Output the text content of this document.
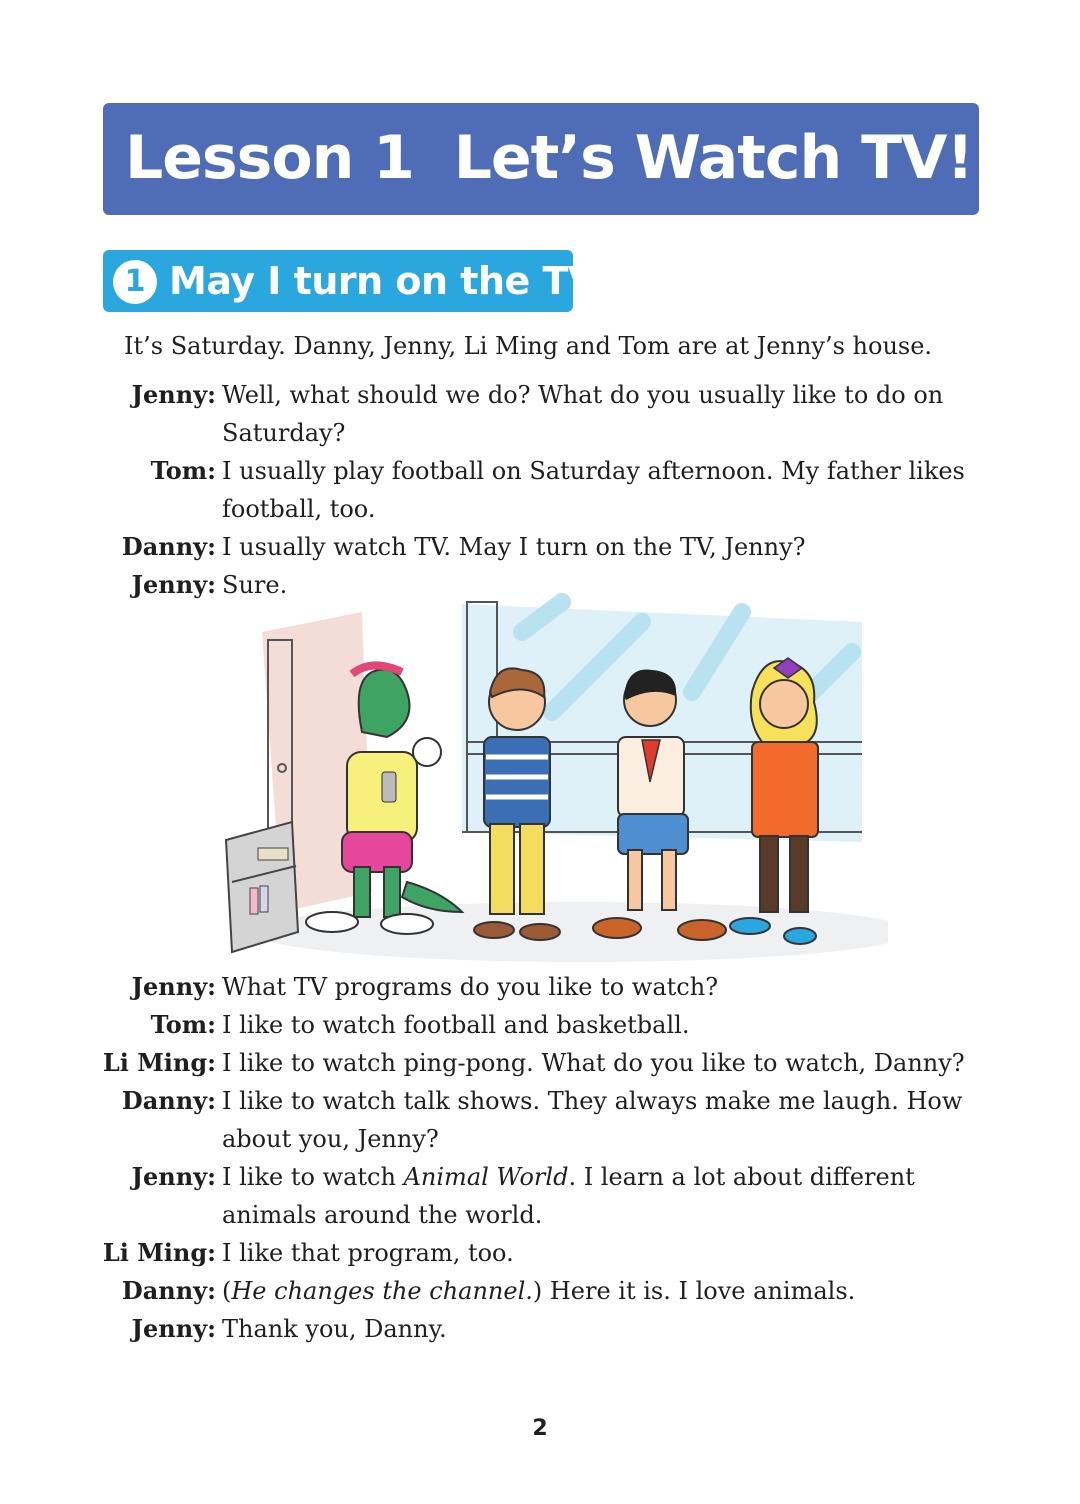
Lesson 1  Let’s Watch TV!
1 May I turn on the TV?
It’s Saturday. Danny, Jenny, Li Ming and Tom are at Jenny’s house.
Jenny: Well, what should we do? What do you usually like to do on Saturday?
Tom: I usually play football on Saturday afternoon. My father likes football, too.
Danny: I usually watch TV. May I turn on the TV, Jenny?
Jenny: Sure.
Jenny: What TV programs do you like to watch?
Tom: I like to watch football and basketball.
Li Ming: I like to watch ping-pong. What do you like to watch, Danny?
Danny: I like to watch talk shows. They always make me laugh. How about you, Jenny?
Jenny: I like to watch Animal World. I learn a lot about different animals around the world.
Li Ming: I like that program, too.
Danny: (He changes the channel.) Here it is. I love animals.
Jenny: Thank you, Danny.
2
